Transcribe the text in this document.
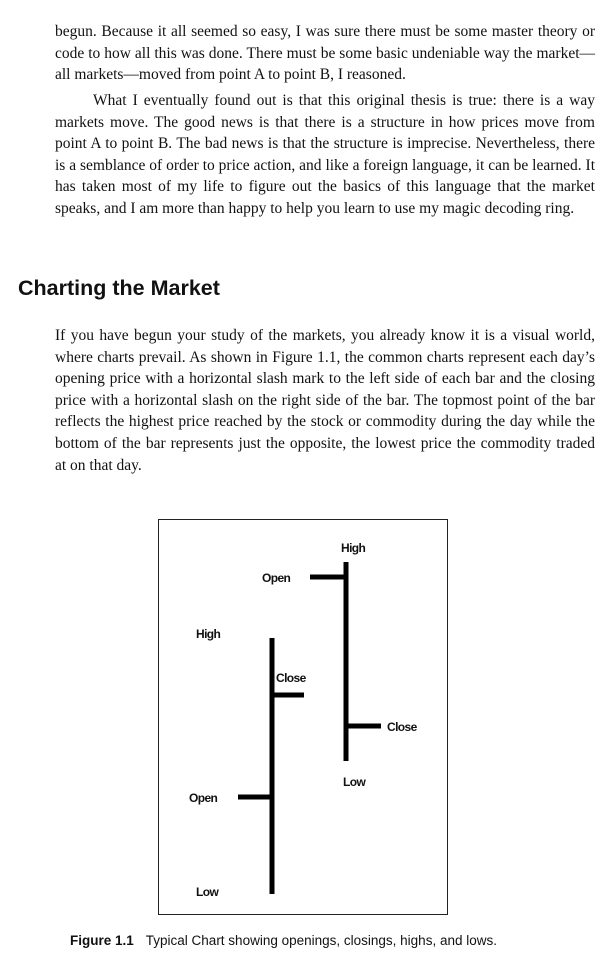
begun. Because it all seemed so easy, I was sure there must be some master theory or code to how all this was done. There must be some basic undeniable way the market—all markets—moved from point A to point B, I reasoned.

What I eventually found out is that this original thesis is true: there is a way markets move. The good news is that there is a structure in how prices move from point A to point B. The bad news is that the structure is imprecise. Nevertheless, there is a semblance of order to price action, and like a foreign language, it can be learned. It has taken most of my life to figure out the basics of this language that the market speaks, and I am more than happy to help you learn to use my magic decoding ring.

Charting the Market

If you have begun your study of the markets, you already know it is a visual world, where charts prevail. As shown in Figure 1.1, the common charts represent each day’s opening price with a horizontal slash mark to the left side of each bar and the closing price with a horizontal slash on the right side of the bar. The topmost point of the bar reflects the highest price reached by the stock or commodity during the day while the bottom of the bar represents just the opposite, the lowest price the commodity traded at on that day.

High
Close
Open
Low
High
Open
Close
Low

Figure 1.1 Typical Chart showing openings, closings, highs, and lows.
